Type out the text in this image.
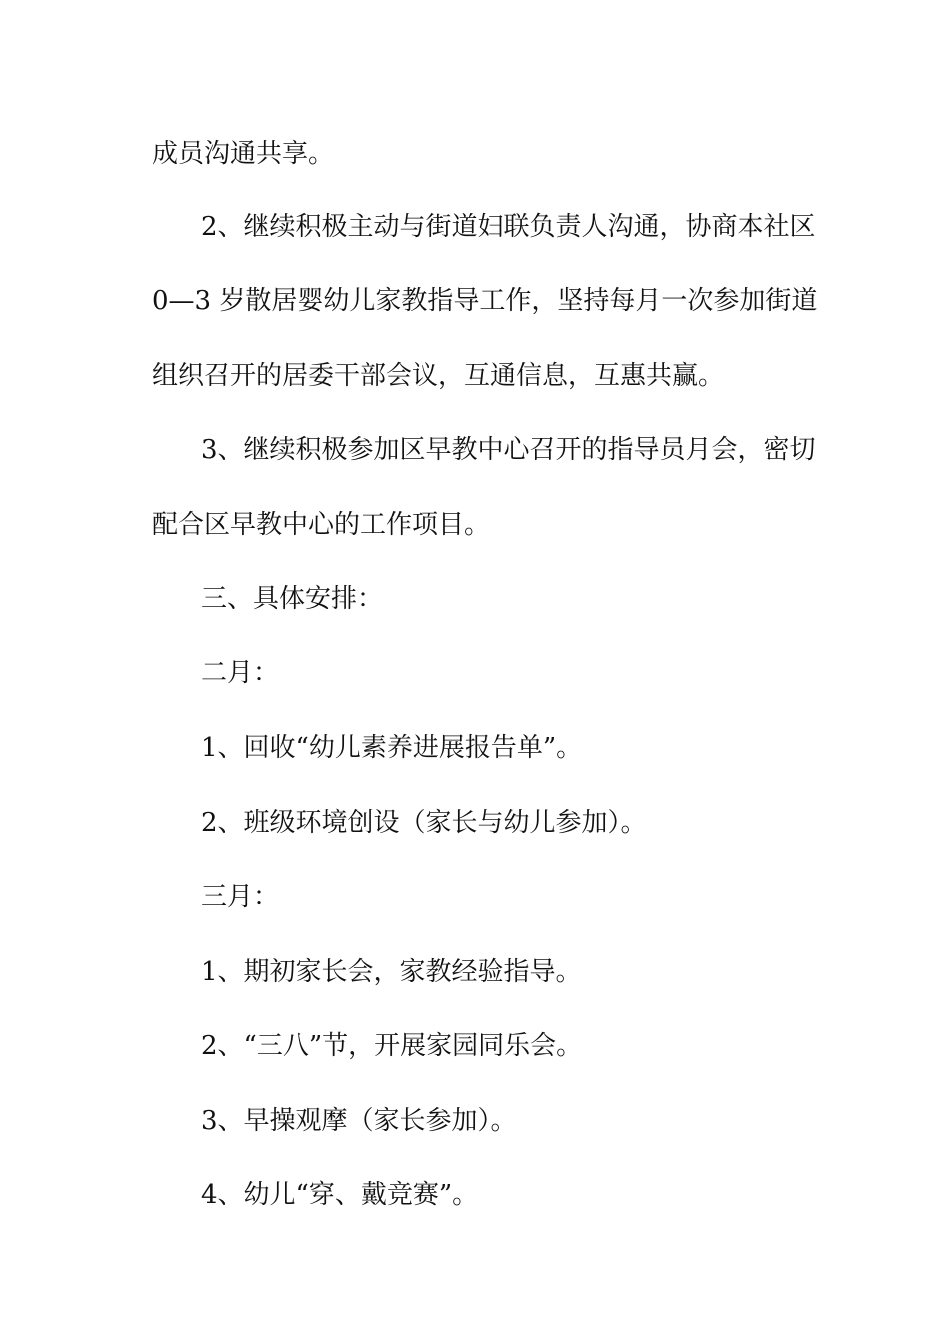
成员沟通共享。
2、继续积极主动与街道妇联负责人沟通，协商本社区
0—3 岁散居婴幼儿家教指导工作，坚持每月一次参加街道
组织召开的居委干部会议，互通信息，互惠共赢。
3、继续积极参加区早教中心召开的指导员月会，密切
配合区早教中心的工作项目。
三、具体安排：
二月：
1、回收“幼儿素养进展报告单”。
2、班级环境创设（家长与幼儿参加）。
三月：
1、期初家长会，家教经验指导。
2、“三八”节，开展家园同乐会。
3、早操观摩（家长参加）。
4、幼儿“穿、戴竞赛”。
